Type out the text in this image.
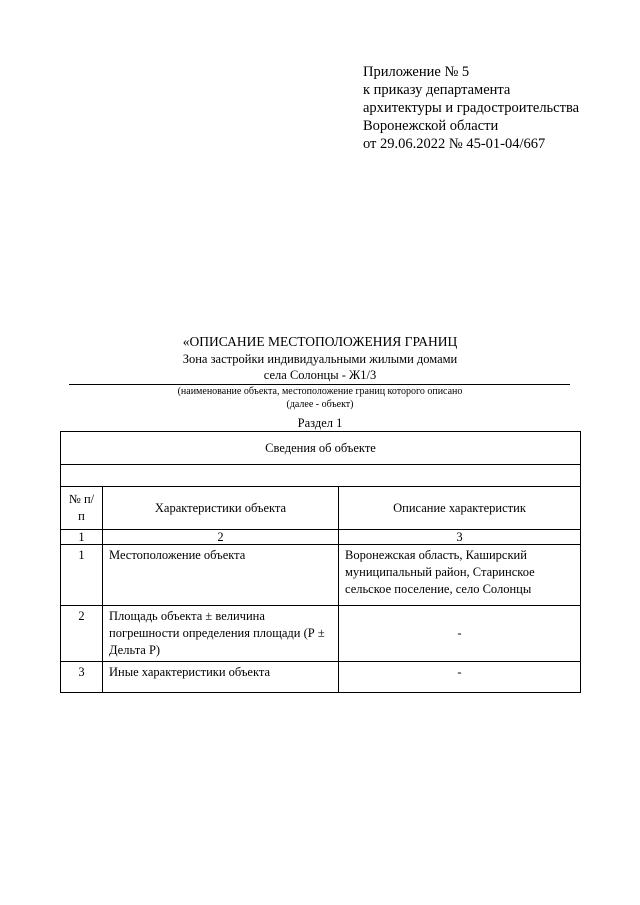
Приложение № 5
к приказу департамента
архитектуры и градостроительства
Воронежской области
от 29.06.2022 № 45-01-04/667
«ОПИСАНИЕ МЕСТОПОЛОЖЕНИЯ ГРАНИЦ
Зона застройки индивидуальными жилыми домами
села Солонцы - Ж1/3
(наименование объекта, местоположение границ которого описано
(далее - объект)
Раздел 1
Сведения об объекте		

№ п/п	Характеристики объекта	Описание характеристик
1	2	3
1	Местоположение объекта	Воронежская область, Каширский муниципальный район, Старинское сельское поселение, село Солонцы
2	Площадь объекта ± величина погрешности определения площади (Р ± Дельта Р)	-
3	Иные характеристики объекта	-
